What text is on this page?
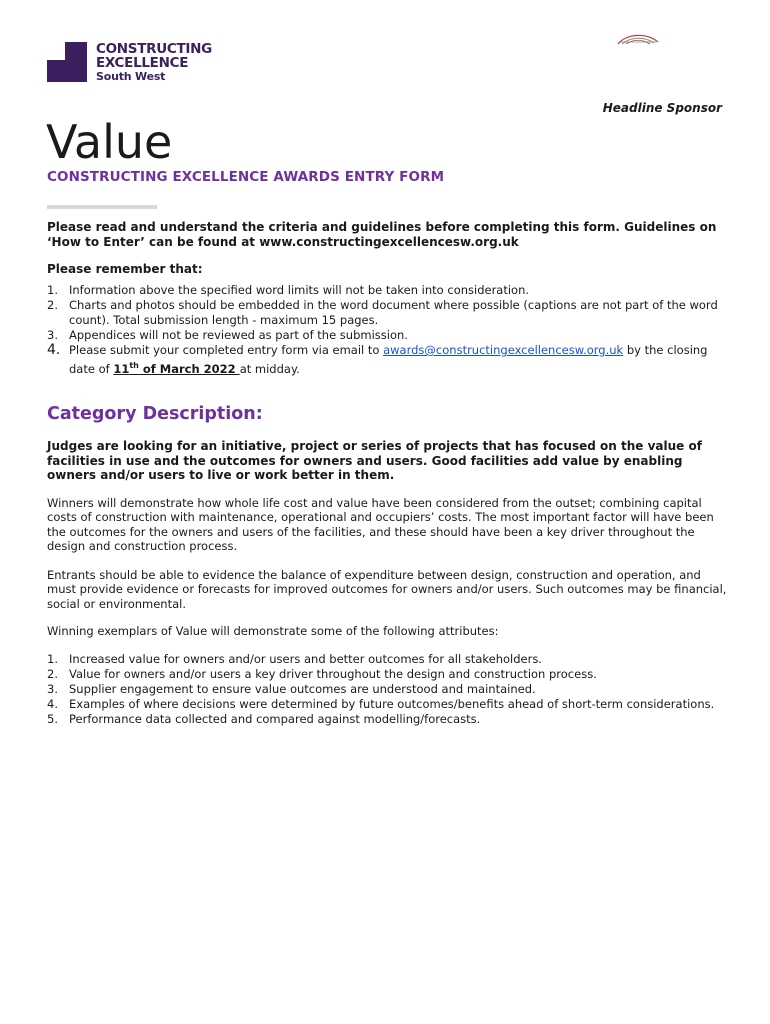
CONSTRUCTING
EXCELLENCE
South West
Headline Sponsor
Value
CONSTRUCTING EXCELLENCE AWARDS ENTRY FORM
Please read and understand the criteria and guidelines before completing this form. Guidelines on ‘How to Enter’ can be found at www.constructingexcellencesw.org.uk
Please remember that:
1. Information above the specified word limits will not be taken into consideration.
2. Charts and photos should be embedded in the word document where possible (captions are not part of the word count). Total submission length - maximum 15 pages.
3. Appendices will not be reviewed as part of the submission.
4. Please submit your completed entry form via email to awards@constructingexcellencesw.org.uk by the closing date of 11th of March 2022 at midday.
Category Description:
Judges are looking for an initiative, project or series of projects that has focused on the value of facilities in use and the outcomes for owners and users. Good facilities add value by enabling owners and/or users to live or work better in them.
Winners will demonstrate how whole life cost and value have been considered from the outset; combining capital costs of construction with maintenance, operational and occupiers’ costs. The most important factor will have been the outcomes for the owners and users of the facilities, and these should have been a key driver throughout the design and construction process.
Entrants should be able to evidence the balance of expenditure between design, construction and operation, and must provide evidence or forecasts for improved outcomes for owners and/or users. Such outcomes may be financial, social or environmental.
Winning exemplars of Value will demonstrate some of the following attributes:
1. Increased value for owners and/or users and better outcomes for all stakeholders.
2. Value for owners and/or users a key driver throughout the design and construction process.
3. Supplier engagement to ensure value outcomes are understood and maintained.
4. Examples of where decisions were determined by future outcomes/benefits ahead of short-term considerations.
5. Performance data collected and compared against modelling/forecasts.
